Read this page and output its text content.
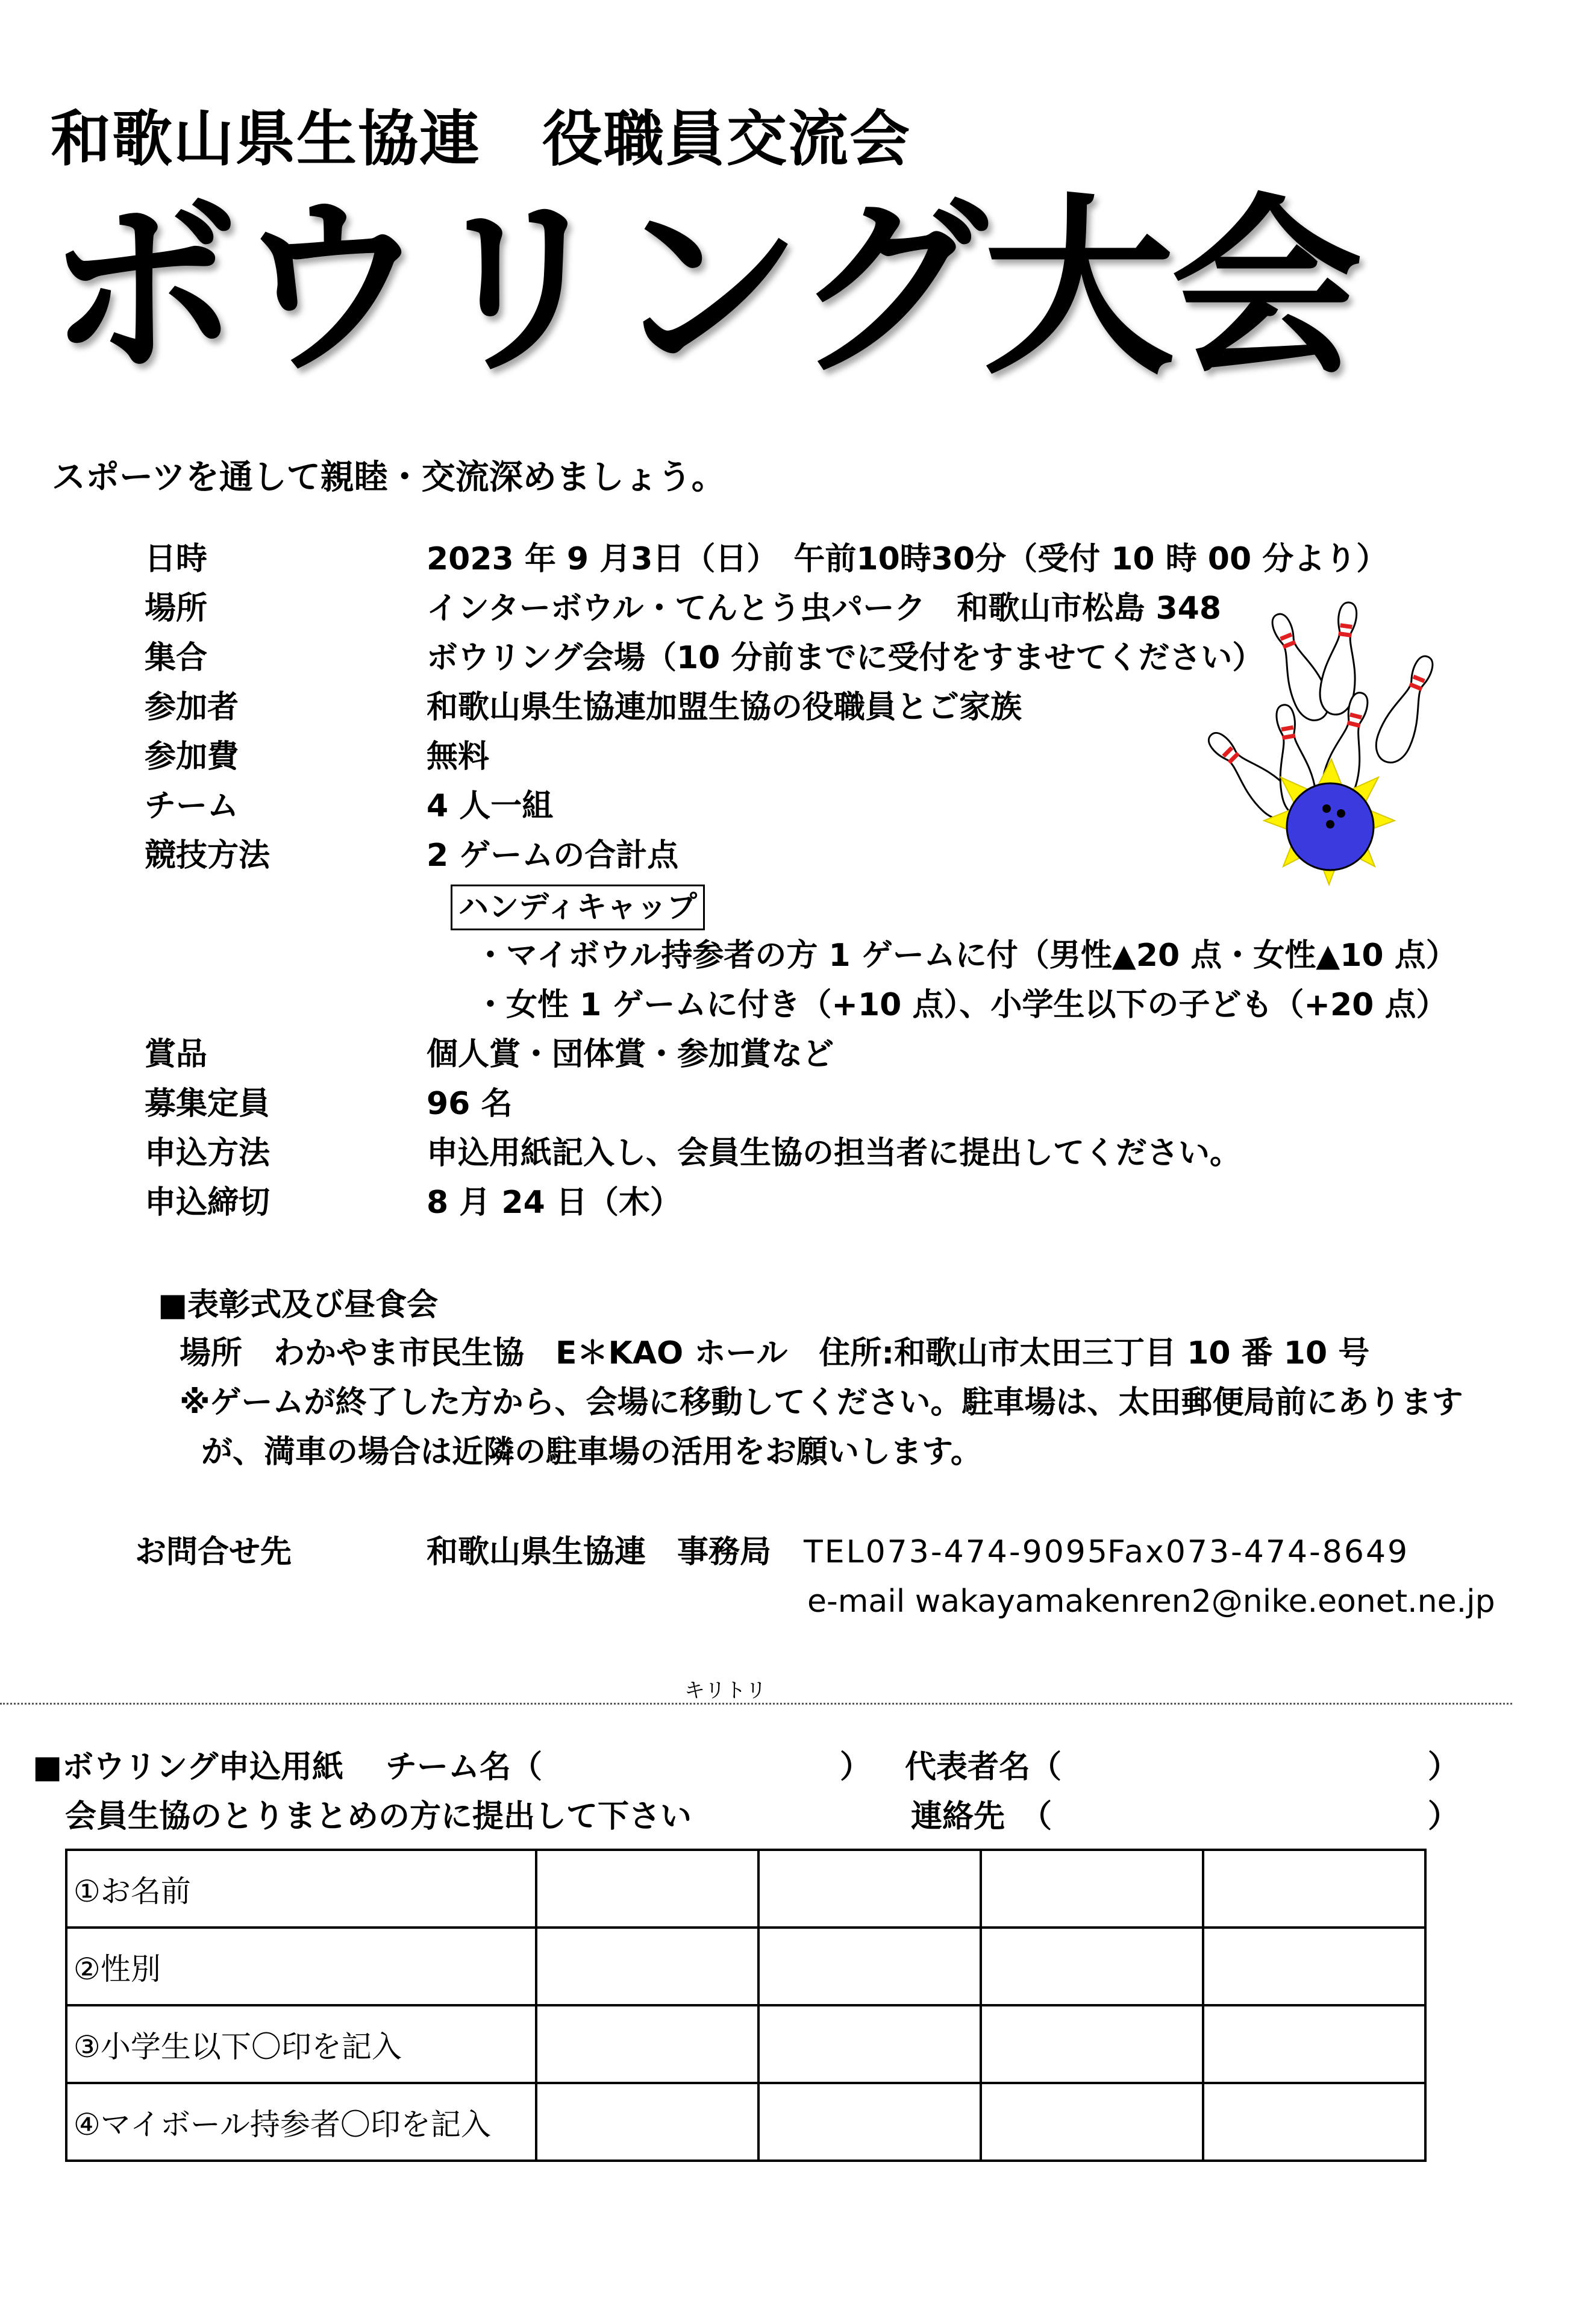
和歌山県生協連　役職員交流会
ボウリング大会
スポーツを通して親睦・交流深めましょう。
日時	2023 年 9 月3日（日）　午前10時30分（受付 10 時 00 分より）
場所	インターボウル・てんとう虫パーク　和歌山市松島 348
集合	ボウリング会場（10 分前までに受付をすませてください）
参加者	和歌山県生協連加盟生協の役職員とご家族
参加費	無料
チーム	4 人一組
競技方法	2 ゲームの合計点
ハンディキャップ
・マイボウル持参者の方 1 ゲームに付（男性▲20 点・女性▲10 点）
・女性 1 ゲームに付き（+10 点）、小学生以下の子ども（+20 点）
賞品	個人賞・団体賞・参加賞など
募集定員	96 名
申込方法	申込用紙記入し、会員生協の担当者に提出してください。
申込締切	8 月 24 日（木）
■表彰式及び昼食会
場所　わかやま市民生協　E＊KAO ホール　住所:和歌山市太田三丁目 10 番 10 号
※ゲームが終了した方から、会場に移動してください。駐車場は、太田郵便局前にあります
が、満車の場合は近隣の駐車場の活用をお願いします。
お問合せ先	和歌山県生協連　事務局 TEL073-474-9095
Fax073-474-8649
e-mail wakayamakenren2@nike.eonet.ne.jp
キリトリ
■ボウリング申込用紙 チーム名（	） 代表者名（	）
会員生協のとりまとめの方に提出して下さい	連絡先　（	）
①お名前				
②性別				
③小学生以下〇印を記入				
④マイボール持参者〇印を記入				
